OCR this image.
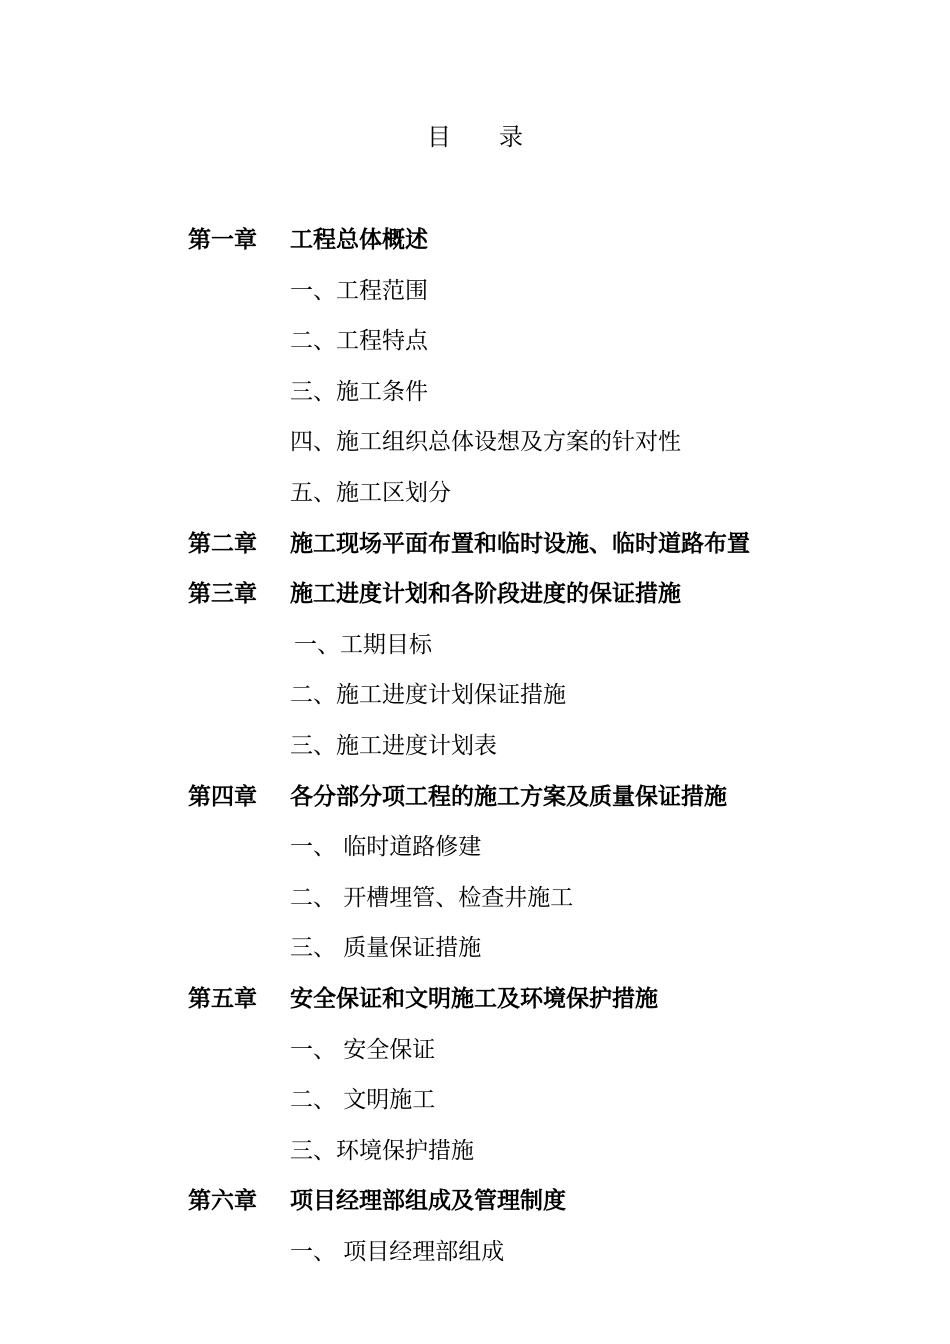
目 录
第一章 工程总体概述
一、工程范围
二、工程特点
三、施工条件
四、施工组织总体设想及方案的针对性
五、施工区划分
第二章 施工现场平面布置和临时设施、临时道路布置
第三章 施工进度计划和各阶段进度的保证措施
一、工期目标
二、施工进度计划保证措施
三、施工进度计划表
第四章 各分部分项工程的施工方案及质量保证措施
一、 临时道路修建
二、 开槽埋管、检查井施工
三、 质量保证措施
第五章 安全保证和文明施工及环境保护措施
一、 安全保证
二、 文明施工
三、环境保护措施
第六章 项目经理部组成及管理制度
一、 项目经理部组成
